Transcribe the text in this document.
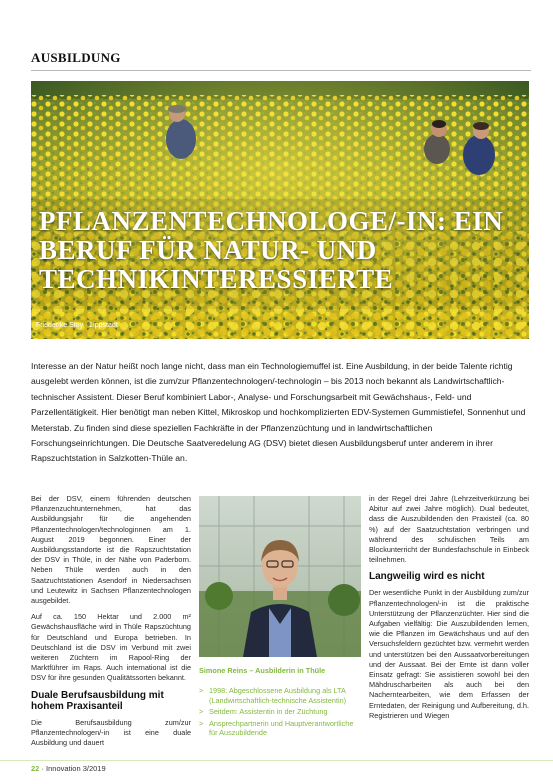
AUSBILDUNG
PFLANZENTECHNOLOGE/-IN: EIN BERUF FÜR NATUR- UND TECHNIKINTERESSIERTE
Friederike Stoy · Lippstadt

Interesse an der Natur heißt noch lange nicht, dass man ein Technologiemuffel ist. Eine Ausbildung, in der beide Talente richtig ausgelebt werden können, ist die zum/zur Pflanzentechnologen/-technologin – bis 2013 noch bekannt als Landwirtschaftlich-technischer Assistent. Dieser Beruf kombiniert Labor-, Analyse- und Forschungsarbeit mit Gewächshaus-, Feld- und Parzellentätigkeit. Hier benötigt man neben Kittel, Mikroskop und hochkomplizierten EDV-Systemen Gummistiefel, Sonnenhut und Meterstab. Zu finden sind diese speziellen Fachkräfte in der Pflanzenzüchtung und in landwirtschaftlichen Forschungseinrichtungen. Die Deutsche Saatveredelung AG (DSV) bietet diesen Ausbildungsberuf unter anderem in ihrer Rapszuchtstation in Salzkotten-Thüle an.

Bei der DSV, einem führenden deutschen Pflanzenzuchtunternehmen, hat das Ausbildungsjahr für die angehenden Pflanzentechnologen/technologinnen am 1. August 2019 begonnen. Einer der Ausbildungsstandorte ist die Rapszuchtstation der DSV in Thüle, in der Nähe von Paderborn. Neben Thüle werden auch in den Saatzuchtstationen Asendorf in Niedersachsen und Leutewitz in Sachsen Pflanzentechnologen ausgebildet.

Auf ca. 150 Hektar und 2.000 m² Gewächshausfläche wird in Thüle Rapszüchtung für Deutschland und Europa betrieben. In Deutschland ist die DSV im Verbund mit zwei weiteren Züchtern im Rapool-Ring der Marktführer im Raps. Auch international ist die DSV für ihre gesunden Qualitätssorten bekannt.

Duale Berufsausbildung mit hohem Praxisanteil

Die Berufsausbildung zum/zur Pflanzentechnologen/-in ist eine duale Ausbildung und dauert

Simone Reins – Ausbilderin in Thüle
> 1998: Abgeschlossene Ausbildung als LTA (Landwirtschaftlich-technische Assistentin)
> Seitdem: Assistentin in der Züchtung
> Ansprechpartnerin und Hauptverantwortliche für Auszubildende

in der Regel drei Jahre (Lehrzeitverkürzung bei Abitur auf zwei Jahre möglich). Dual bedeutet, dass die Auszubildenden den Praxisteil (ca. 80 %) auf der Saatzuchtstation verbringen und während des schulischen Teils am Blockunterricht der Bundesfachschule in Einbeck teilnehmen.

Langweilig wird es nicht

Der wesentliche Punkt in der Ausbildung zum/zur Pflanzentechnologen/-in ist die praktische Unterstützung der Pflanzenzüchter. Hier sind die Aufgaben vielfältig: Die Auszubildenden lernen, wie die Pflanzen im Gewächshaus und auf den Versuchsfeldern gezüchtet bzw. vermehrt werden und unterstützen bei den Aussaatvorbereitungen und der Aussaat. Bei der Ernte ist dann voller Einsatz gefragt: Sie assistieren sowohl bei den Mähdruscharbeiten als auch bei den Nacherntearbeiten, wie dem Erfassen der Erntedaten, der Reinigung und Aufbereitung, d.h. Registrieren und Wiegen

22 · Innovation 3/2019
